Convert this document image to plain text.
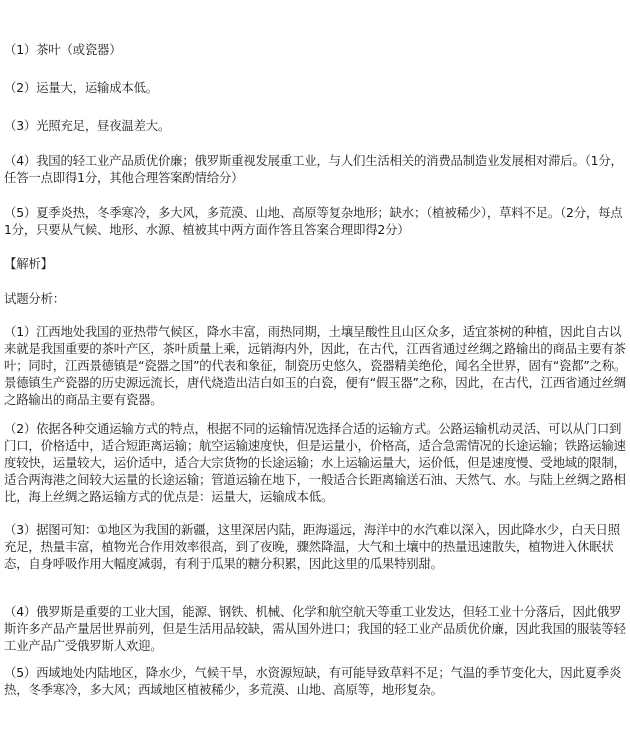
（1）茶叶（或瓷器）
（2）运量大，运输成本低。
（3）光照充足，昼夜温差大。
（4）我国的轻工业产品质优价廉；俄罗斯重视发展重工业，与人们生活相关的消费品制造业发展相对滞后。（1分，任答一点即得1分，其他合理答案酌情给分）
（5）夏季炎热，冬季寒冷，多大风，多荒漠、山地、高原等复杂地形；缺水；（植被稀少），草料不足。（2分，每点1分，只要从气候、地形、水源、植被其中两方面作答且答案合理即得2分）
【解析】
试题分析：
（1）江西地处我国的亚热带气候区，降水丰富，雨热同期，土壤呈酸性且山区众多，适宜茶树的种植，因此自古以来就是我国重要的茶叶产区，茶叶质量上乘，远销海内外，因此，在古代，江西省通过丝绸之路输出的商品主要有茶叶；同时，江西景德镇是“瓷器之国”的代表和象征，制瓷历史悠久，瓷器精美绝伦，闻名全世界，固有“瓷都”之称。景德镇生产瓷器的历史源远流长，唐代烧造出洁白如玉的白瓷，便有“假玉器”之称，因此，在古代，江西省通过丝绸之路输出的商品主要有瓷器。
（2）依据各种交通运输方式的特点，根据不同的运输情况选择合适的运输方式。公路运输机动灵活、可以从门口到门口，价格适中，适合短距离运输；航空运输速度快，但是运量小，价格高，适合急需情况的长途运输；铁路运输速度较快，运量较大，运价适中，适合大宗货物的长途运输；水上运输运量大，运价低，但是速度慢、受地域的限制，适合两海港之间较大运量的长途运输；管道运输在地下，一般适合长距离输送石油、天然气、水。与陆上丝绸之路相比，海上丝绸之路运输方式的优点是：运量大，运输成本低。
（3）据图可知：①地区为我国的新疆，这里深居内陆，距海遥远，海洋中的水汽难以深入，因此降水少，白天日照充足，热量丰富，植物光合作用效率很高，到了夜晚，骤然降温，大气和土壤中的热量迅速散失，植物进入休眠状态，自身呼吸作用大幅度减弱，有利于瓜果的糖分积累，因此这里的瓜果特别甜。
（4）俄罗斯是重要的工业大国，能源、钢铁、机械、化学和航空航天等重工业发达，但轻工业十分落后，因此俄罗斯许多产品产量居世界前列，但是生活用品较缺，需从国外进口；我国的轻工业产品质优价廉，因此我国的服装等轻工业产品广受俄罗斯人欢迎。
（5）西域地处内陆地区，降水少，气候干旱，水资源短缺，有可能导致草料不足；气温的季节变化大，因此夏季炎热，冬季寒冷，多大风；西域地区植被稀少，多荒漠、山地、高原等，地形复杂。
